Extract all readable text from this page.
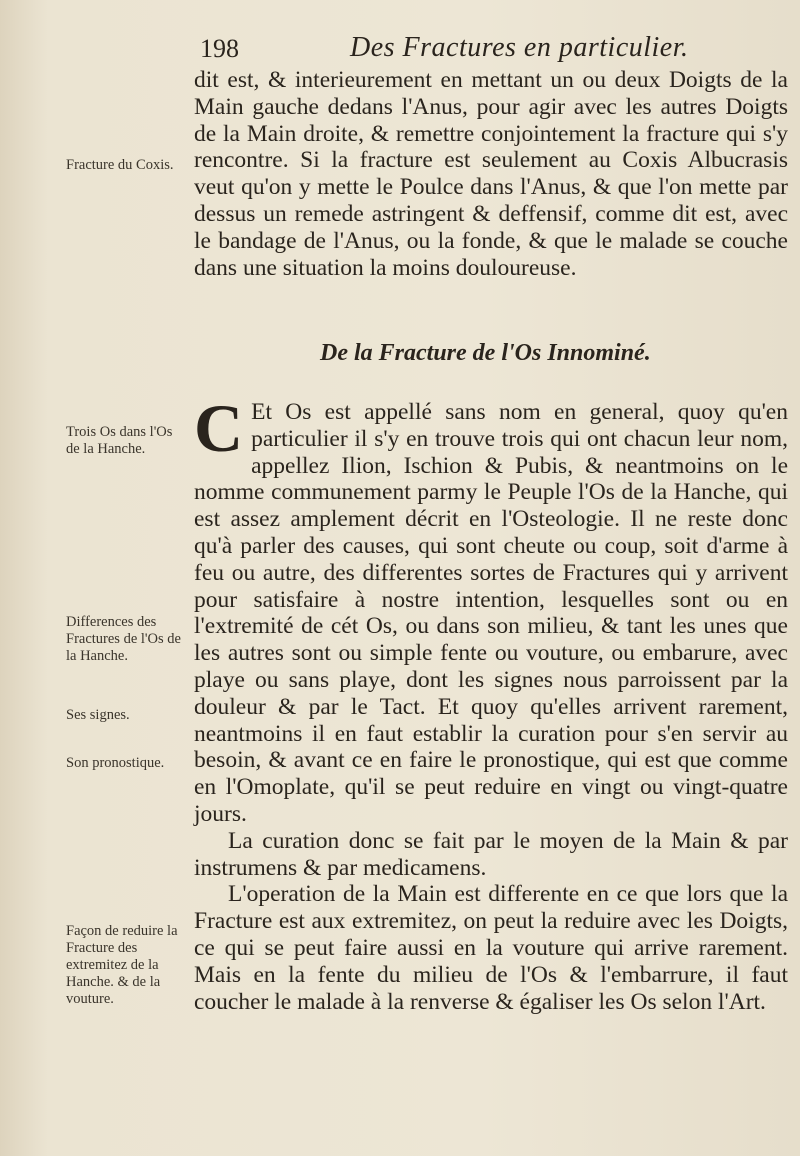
198	Des Fractures en particulier.

dit est, & interieurement en mettant un ou deux Doigts de la Main gauche dedans l'Anus, pour agir avec les autres Doigts de la Main droite, & remettre conjointement la fracture qui s'y rencontre. Si la fracture est seulement au Coxis Albucrasis veut qu'on y mette le Poulce dans l'Anus, & que l'on mette par dessus un remede astringent & deffensif, comme dit est, avec le bandage de l'Anus, ou la fonde, & que le malade se couche dans une situation la moins douloureuse.

De la Fracture de l'Os Innominé.

C Et Os est appellé sans nom en general, quoy qu'en particulier il s'y en trouve trois qui ont chacun leur nom, appellez Ilion, Ischion & Pubis, & neantmoins on le nomme communement parmy le Peuple l'Os de la Hanche, qui est assez amplement décrit en l'Osteologie. Il ne reste donc qu'à parler des causes, qui sont cheute ou coup, soit d'arme à feu ou autre, des differentes sortes de Fractures qui y arrivent pour satisfaire à nostre intention, lesquelles sont ou en l'extremité de cét Os, ou dans son milieu, & tant les unes que les autres sont ou simple fente ou vouture, ou embarure, avec playe ou sans playe, dont les signes nous parroissent par la douleur & par le Tact. Et quoy qu'elles arrivent rarement, neantmoins il en faut establir la curation pour s'en servir au besoin, & avant ce en faire le pronostique, qui est que comme en l'Omoplate, qu'il se peut reduire en vingt ou vingt-quatre jours.

La curation donc se fait par le moyen de la Main & par instrumens & par medicamens.

L'operation de la Main est differente en ce que lors que la Fracture est aux extremitez, on peut la reduire avec les Doigts, ce qui se peut faire aussi en la vouture qui arrive rarement. Mais en la fente du milieu de l'Os & l'embarrure, il faut coucher le malade à la renverse & égaliser les Os selon l'Art.

Fracture du Coxis.
Trois Os dans l'Os de la Hanche.
Differences des Fractures de l'Os de la Hanche.
Ses signes.
Son pronostique.
Façon de reduire la Fracture des extremitez de la Hanche. & de la vouture.
